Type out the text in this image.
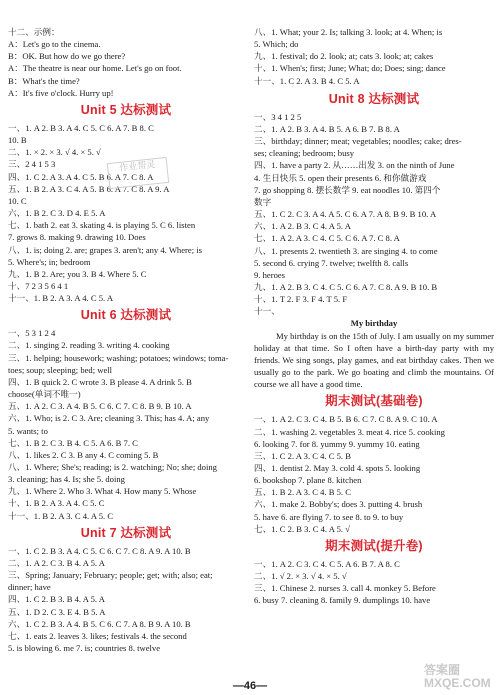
十二、示例：
A：Let's go to the cinema.
B：OK. But how do we go there?
A：The theatre is near our home. Let's go on foot.
B：What's the time?
A：It's five o'clock. Hurry up!
Unit 5 达标测试
一、1. A 2. B 3. A 4. C 5. C 6. A 7. B 8. C
10. B
二、1. × 2. × 3. √ 4. × 5. √
三、2 4 1 5 3
四、1. C 2. A 3. A 4. C 5. B 6. A 7. C 8. A
五、1. B 2. A 3. C 4. A 5. B 6. A 7. C 8. A 9. A
10. C
六、1. B 2. C 3. D 4. E 5. A
七、1. bath 2. eat 3. skating 4. is playing 5. C 6. listen
7. grows 8. making 9. drawing 10. Does
八、1. is; doing 2. are; grapes 3. aren't; any 4. Where; is
5. Where's; in; bedroom
九、1. B 2. Are; you 3. B 4. Where 5. C
十、7 2 3 5 6 4 1
十一、1. B 2. A 3. A 4. C 5. A
Unit 6 达标测试
一、5 3 1 2 4
二、1. singing 2. reading 3. writing 4. cooking
三、1. helping; housework; washing; potatoes; windows; toma-
toes; soup; sleeping; bed; well
四、1. B quick 2. C wrote 3. B please 4. A drink 5. B
choose(单词不唯一)
五、1. A 2. C 3. A 4. B 5. C 6. C 7. C 8. B 9. B 10. A
六、1. Who; is 2. C 3. Are; cleaning 3. This; has 4. A; any
5. wants; to
七、1. B 2. C 3. B 4. C 5. A 6. B 7. C
八、1. likes 2. C 3. B any 4. C coming 5. B
八、1. Where; She's; reading; is 2. watching; No; she; doing
3. cleaning; has 4. Is; she 5. doing
九、1. Where 2. Who 3. What 4. How many 5. Whose
十、1. B 2. A 3. A 4. C 5. C
十一、1. B 2. A 3. C 4. A 5. C
Unit 7 达标测试
一、1. C 2. B 3. A 4. C 5. C 6. C 7. C 8. A 9. A 10. B
二、1. A 2. C 3. B 4. A 5. A
三、Spring; January; February; people; get; with; also; eat;
dinner; have
四、1. C 2. B 3. B 4. A 5. A
五、1. D 2. C 3. E 4. B 5. A
六、1. C 2. B 3. A 4. B 5. C 6. C 7. A 8. B 9. A 10. B
七、1. eats 2. leaves 3. likes; festivals 4. the second
5. is blowing 6. me 7. is; countries 8. twelve
八、1. What; your 2. Is; talking 3. look; at 4. When; is
5. Which; do
九、1. festival; do 2. look; at; cats 3. look; at; cakes
十、1. When's; first; June; What; do; Does; sing; dance
十一、1. C 2. A 3. B 4. C 5. A
Unit 8 达标测试
一、3 4 1 2 5
二、1. A 2. B 3. A 4. B 5. A 6. B 7. B 8. A
三、birthday; dinner; meat; vegetables; noodles; cake; dres-
ses; cleaning; bedroom; busy
四、1. have a party 2. 从……出发 3. on the ninth of June
4. 生日快乐 5. open their presents 6. 和你做游戏
7. go shopping 8. 摆长数学 9. eat noodles 10. 第四个
数字
五、1. C 2. C 3. A 4. A 5. C 6. A 7. A 8. B 9. B 10. A
六、1. A 2. B 3. C 4. A 5. A
七、1. A 2. A 3. C 4. C 5. C 6. A 7. C 8. A
八、1. presents 2. twentieth 3. are singing 4. to come
5. second 6. crying 7. twelve; twelfth 8. calls
9. heroes
九、1. A 2. B 3. C 4. C 5. C 6. A 7. C 8. A 9. B 10. B
十、1. T 2. F 3. F 4. T 5. F
十一、
My birthday
My birthday is on the 15th of July. I am usually on my summer holiday at that time. So I often have a birth-day party with my friends. We sing songs, play games, and eat birthday cakes. Then we usually go to the park. We go boating and climb the mountains. Of course we all have a good time.
期末测试(基础卷)
一、1. A 2. C 3. C 4. B 5. B 6. C 7. C 8. A 9. C 10. A
二、1. washing 2. vegetables 3. meat 4. rice 5. cooking
6. looking 7. for 8. yummy 9. yummy 10. eating
三、1. C 2. A 3. C 4. C 5. B
四、1. dentist 2. May 3. cold 4. spots 5. looking
6. bookshop 7. plane 8. kitchen
五、1. B 2. A 3. C 4. B 5. C
六、1. make 2. Bobby's; does 3. putting 4. brush
5. have 6. are flying 7. to see 8. to 9. to buy
七、1. C 2. B 3. C 4. A 5. √
期末测试(提升卷)
一、1. A 2. C 3. C 4. C 5. A 6. B 7. A 8. C
二、1. √ 2. × 3. √ 4. × 5. √
三、1. Chinese 2. nurses 3. call 4. monkey 5. Before
6. busy 7. cleaning 8. family 9. dumplings 10. have
作业帮灵
答案圈 MXQE.COM
—46—
